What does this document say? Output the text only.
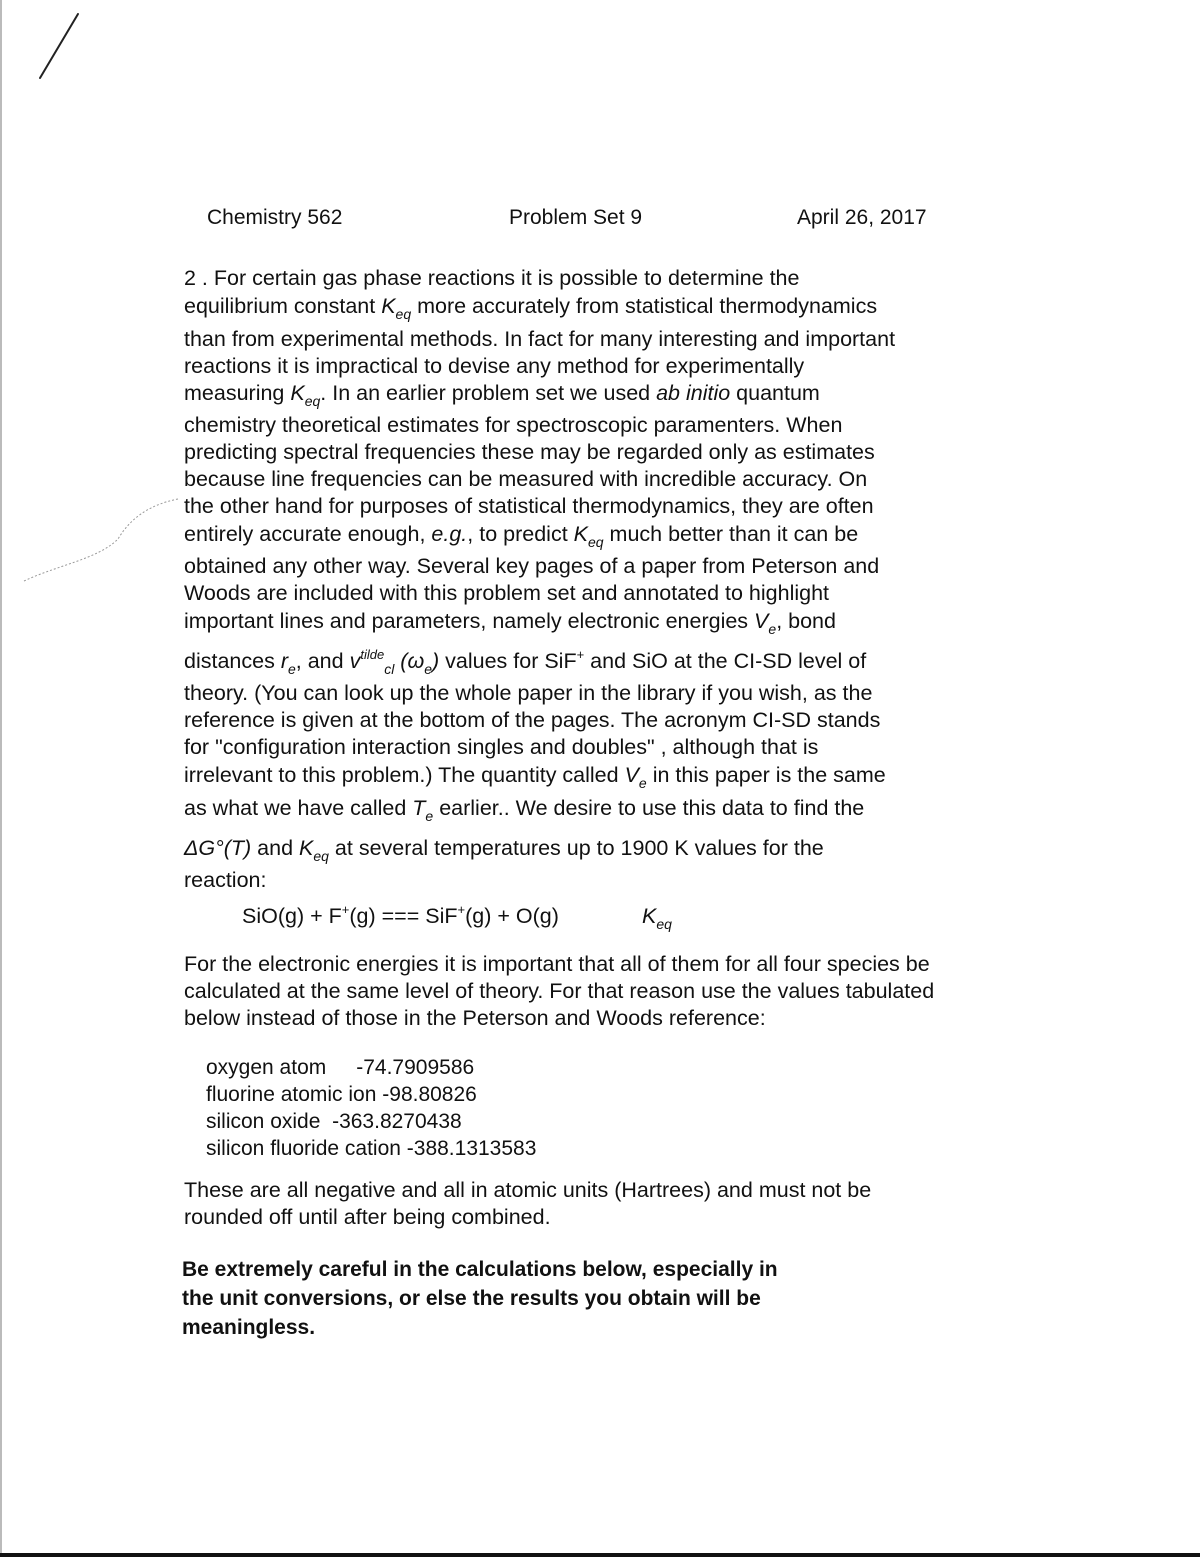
Chemistry 562	Problem Set 9	April 26, 2017
2 . For certain gas phase reactions it is possible to determine the
equilibrium constant $K_{eq}$ more accurately from statistical thermodynamics
than from experimental methods. In fact for many interesting and important
reactions it is impractical to devise any method for experimentally
measuring $K_{eq}$. In an earlier problem set we used ab initio quantum
chemistry theoretical estimates for spectroscopic paramenters. When
predicting spectral frequencies these may be regarded only as estimates
because line frequencies can be measured with incredible accuracy. On
the other hand for purposes of statistical thermodynamics, they are often
entirely accurate enough, e.g., to predict $K_{eq}$ much better than it can be
obtained any other way. Several key pages of a paper from Peterson and
Woods are included with this problem set and annotated to highlight
important lines and parameters, namely electronic energies $V_e$, bond
distances $r_e$, and $v^{tilde}_{cl}$ $(\omega_e)$ values for SiF+ and SiO at the CI-SD level of
theory. (You can look up the whole paper in the library if you wish, as the
reference is given at the bottom of the pages. The acronym CI-SD stands
for "configuration interaction singles and doubles" , although that is
irrelevant to this problem.) The quantity called $V_e$ in this paper is the same
as what we have called $T_e$ earlier.. We desire to use this data to find the
ΔG°(T) and $K_{eq}$ at several temperatures up to 1900 K values for the
reaction:
SiO(g) + F+(g) === SiF+(g) + O(g)	$K_{eq}$
For the electronic energies it is important that all of them for all four species be
calculated at the same level of theory. For that reason use the values tabulated
below instead of those in the Peterson and Woods reference:
oxygen atom -74.7909586
fluorine atomic ion -98.80826
silicon oxide -363.8270438
silicon fluoride cation -388.1313583
These are all negative and all in atomic units (Hartrees) and must not be
rounded off until after being combined.
Be extremely careful in the calculations below, especially in
the unit conversions, or else the results you obtain will be
meaningless.
